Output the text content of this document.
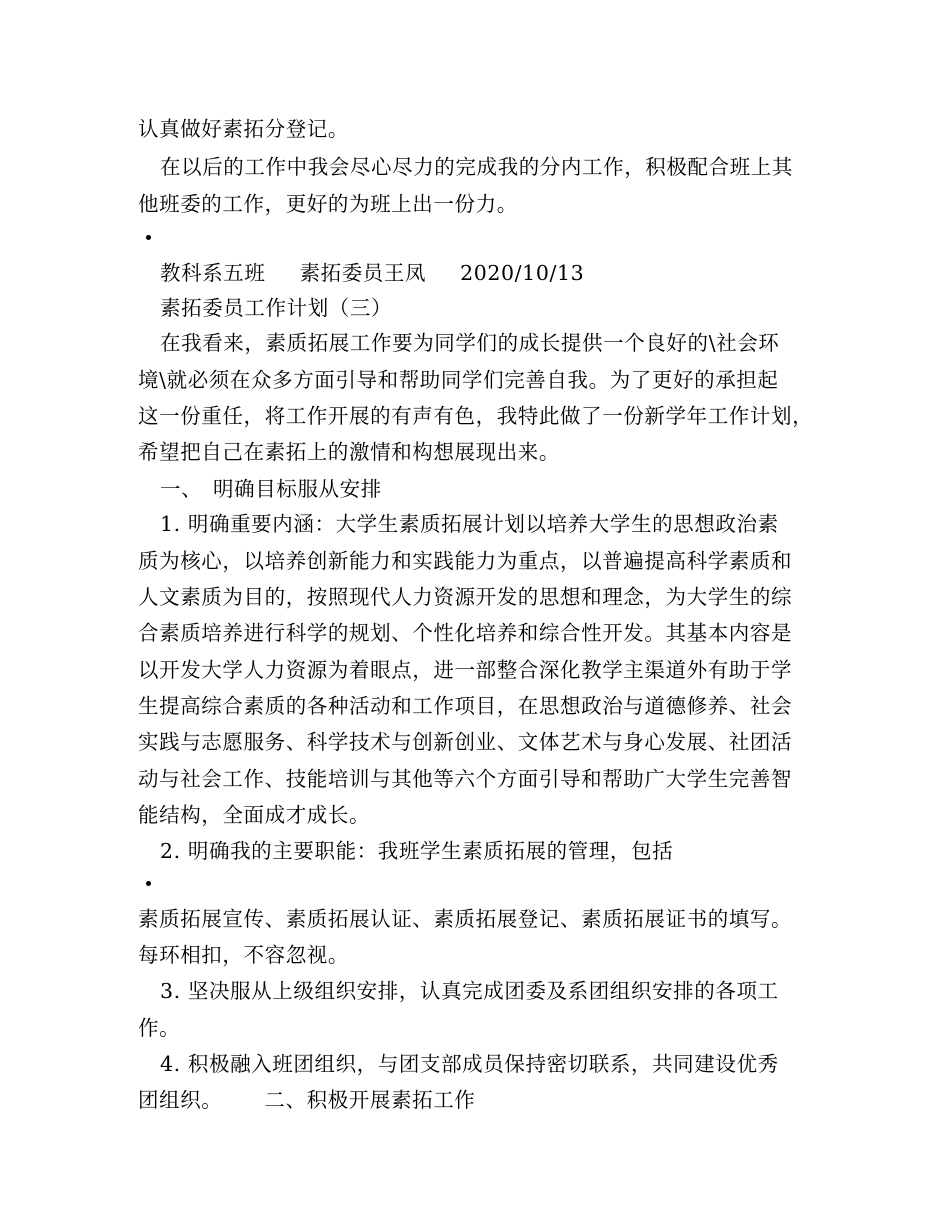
认真做好素拓分登记。
在以后的工作中我会尽心尽力的完成我的分内工作，积极配合班上其
他班委的工作，更好的为班上出一份力。
教科系五班 素拓委员王凤 2020/10/13
素拓委员工作计划（三）
在我看来，素质拓展工作要为同学们的成长提供一个良好的\社会环
境\就必须在众多方面引导和帮助同学们完善自我。为了更好的承担起
这一份重任，将工作开展的有声有色，我特此做了一份新学年工作计划，
希望把自己在素拓上的激情和构想展现出来。
一、　明确目标服从安排
1. 明确重要内涵：大学生素质拓展计划以培养大学生的思想政治素
质为核心，以培养创新能力和实践能力为重点，以普遍提高科学素质和
人文素质为目的，按照现代人力资源开发的思想和理念，为大学生的综
合素质培养进行科学的规划、个性化培养和综合性开发。其基本内容是
以开发大学人力资源为着眼点，进一部整合深化教学主渠道外有助于学
生提高综合素质的各种活动和工作项目，在思想政治与道德修养、社会
实践与志愿服务、科学技术与创新创业、文体艺术与身心发展、社团活
动与社会工作、技能培训与其他等六个方面引导和帮助广大学生完善智
能结构，全面成才成长。
2. 明确我的主要职能：我班学生素质拓展的管理，包括
素质拓展宣传、素质拓展认证、素质拓展登记、素质拓展证书的填写。
每环相扣，不容忽视。
3. 坚决服从上级组织安排，认真完成团委及系团组织安排的各项工
作。
4. 积极融入班团组织，与团支部成员保持密切联系，共同建设优秀
团组织。 二、积极开展素拓工作
